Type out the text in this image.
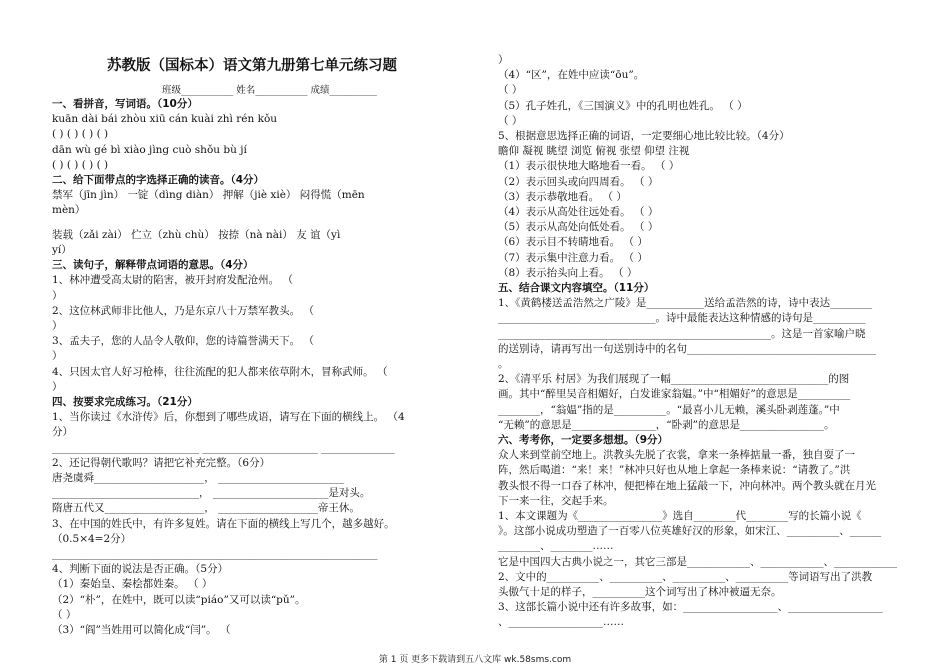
苏教版（国标本）语文第九册第七单元练习题
班级___________ 姓名___________ 成绩__________
一、看拼音，写词语。（10分）
kuān dài bái zhòu xiū cán kuài zhì rén kǒu
( ) ( ) ( ) ( )
dān wù gé bì xiào jìng cuò shǒu bù jí
( ) ( ) ( ) ( )
二、给下面带点的字选择正确的读音。（4分）
禁军（jīn jìn） 一锭（dìng diàn） 押解（jiè xiè） 闷得慌（mēn
mèn）
装载（zǎi zài） 伫立（zhù chù） 按捺（nà nài） 友 谊（yì
yí）
三、读句子，解释带点词语的意思。（4分）
1、林冲遭受高太尉的陷害，被开封府发配沧州。 （
）
2、这位林武师非比他人，乃是东京八十万禁军教头。 （
）
3、孟夫子，您的人品令人敬仰，您的诗篇誉满天下。 （
）
4、只因太官人好习枪棒，往往流配的犯人都来依草附木，冒称武师。 （
）
四、按要求完成练习。（21分）
1、当你读过《水浒传》后，你想到了哪些成语，请写在下面的横线上。 （4
分）
____________________________ ______________________ ______________
2、还记得朝代歌吗？请把它补充完整。（6分）
唐尧虞舜_____________________， ________________________
____________________________， ______________________是对头。
隋唐五代又___________________， ___________________帝王休。
3、在中国的姓氏中，有许多复姓。请在下面的横线上写几个，越多越好。
（0.5×4=2分）
______________________________________________________________
4、判断下面的说法是否正确。（5分）
（1）秦始皇、秦桧都姓秦。 （ ）
（2）“朴”，在姓中，既可以读“piáo”又可以读“pǔ”。
（ ）
（3）“阎”当姓用可以简化成“闫”。 （
）
（4）“区”，在姓中应读“ōu”。
（ ）
（5）孔子姓孔，《三国演义》中的孔明也姓孔。 （ ）
（ ）
5、根据意思选择正确的词语，一定要细心地比较比较。（4分）
瞻仰 凝视 眺望 浏览 俯视 张望 仰望 注视
（1）表示很快地大略地看一看。 （ ）
（2）表示回头或向四周看。 （ ）
（3）表示恭敬地看。 （ ）
（4）表示从高处往远处看。 （ ）
（5）表示从高处向低处看。 （ ）
（6）表示目不转睛地看。 （ ）
（7）表示集中注意力看。 （ ）
（8）表示抬头向上看。 （ ）
五、结合课文内容填空。（11分）
1、《黄鹤楼送孟浩然之广陵》是___________送给孟浩然的诗，诗中表达________
______________________________。诗中最能表达这种情感的诗句是__________
____________________________________________________。这是一首家喻户晓
的送别诗，请再写出一句送别诗中的名句____________________________________
。
2、《清平乐 村居》为我们展现了一幅______________________________的图
画。其中“醉里吴音相媚好，白发谁家翁媪。”中“相媚好”的意思是__________
________，“翁媪”指的是__________。“最喜小儿无赖，溪头卧剥莲蓬。”中
“无赖”的意思是________________，“卧剥”的意思是________________。
六、考考你，一定要多想想。（9分）
众人来到堂前空地上。洪教头先脱了衣裳，拿来一条棒掂量一番，独自耍了一
阵，然后喝道：“来！来！”林冲只好也从地上拿起一条棒来说：“请教了。”洪
教头恨不得一口吞了林冲，便把棒在地上猛敲一下，冲向林冲。两个教头就在月光
下一来一往，交起手来。
1、本文课题为《________________》选自________代________写的长篇小说《
》。这部小说成功塑造了一百零八位英雄好汉的形象，如宋江、__________、______
________、________……
它是中国四大古典小说之一，其它三部是____________、____________、____________
2、文中的__________、__________、__________、__________等词语写出了洪教
头傲气十足的样子，__________这个词写出了林冲被逼无奈。
3、这部长篇小说中还有许多故事，如：__________________、__________________
、__________________……
第 1 页 更多下载请到五八文库 wk.58sms.com
